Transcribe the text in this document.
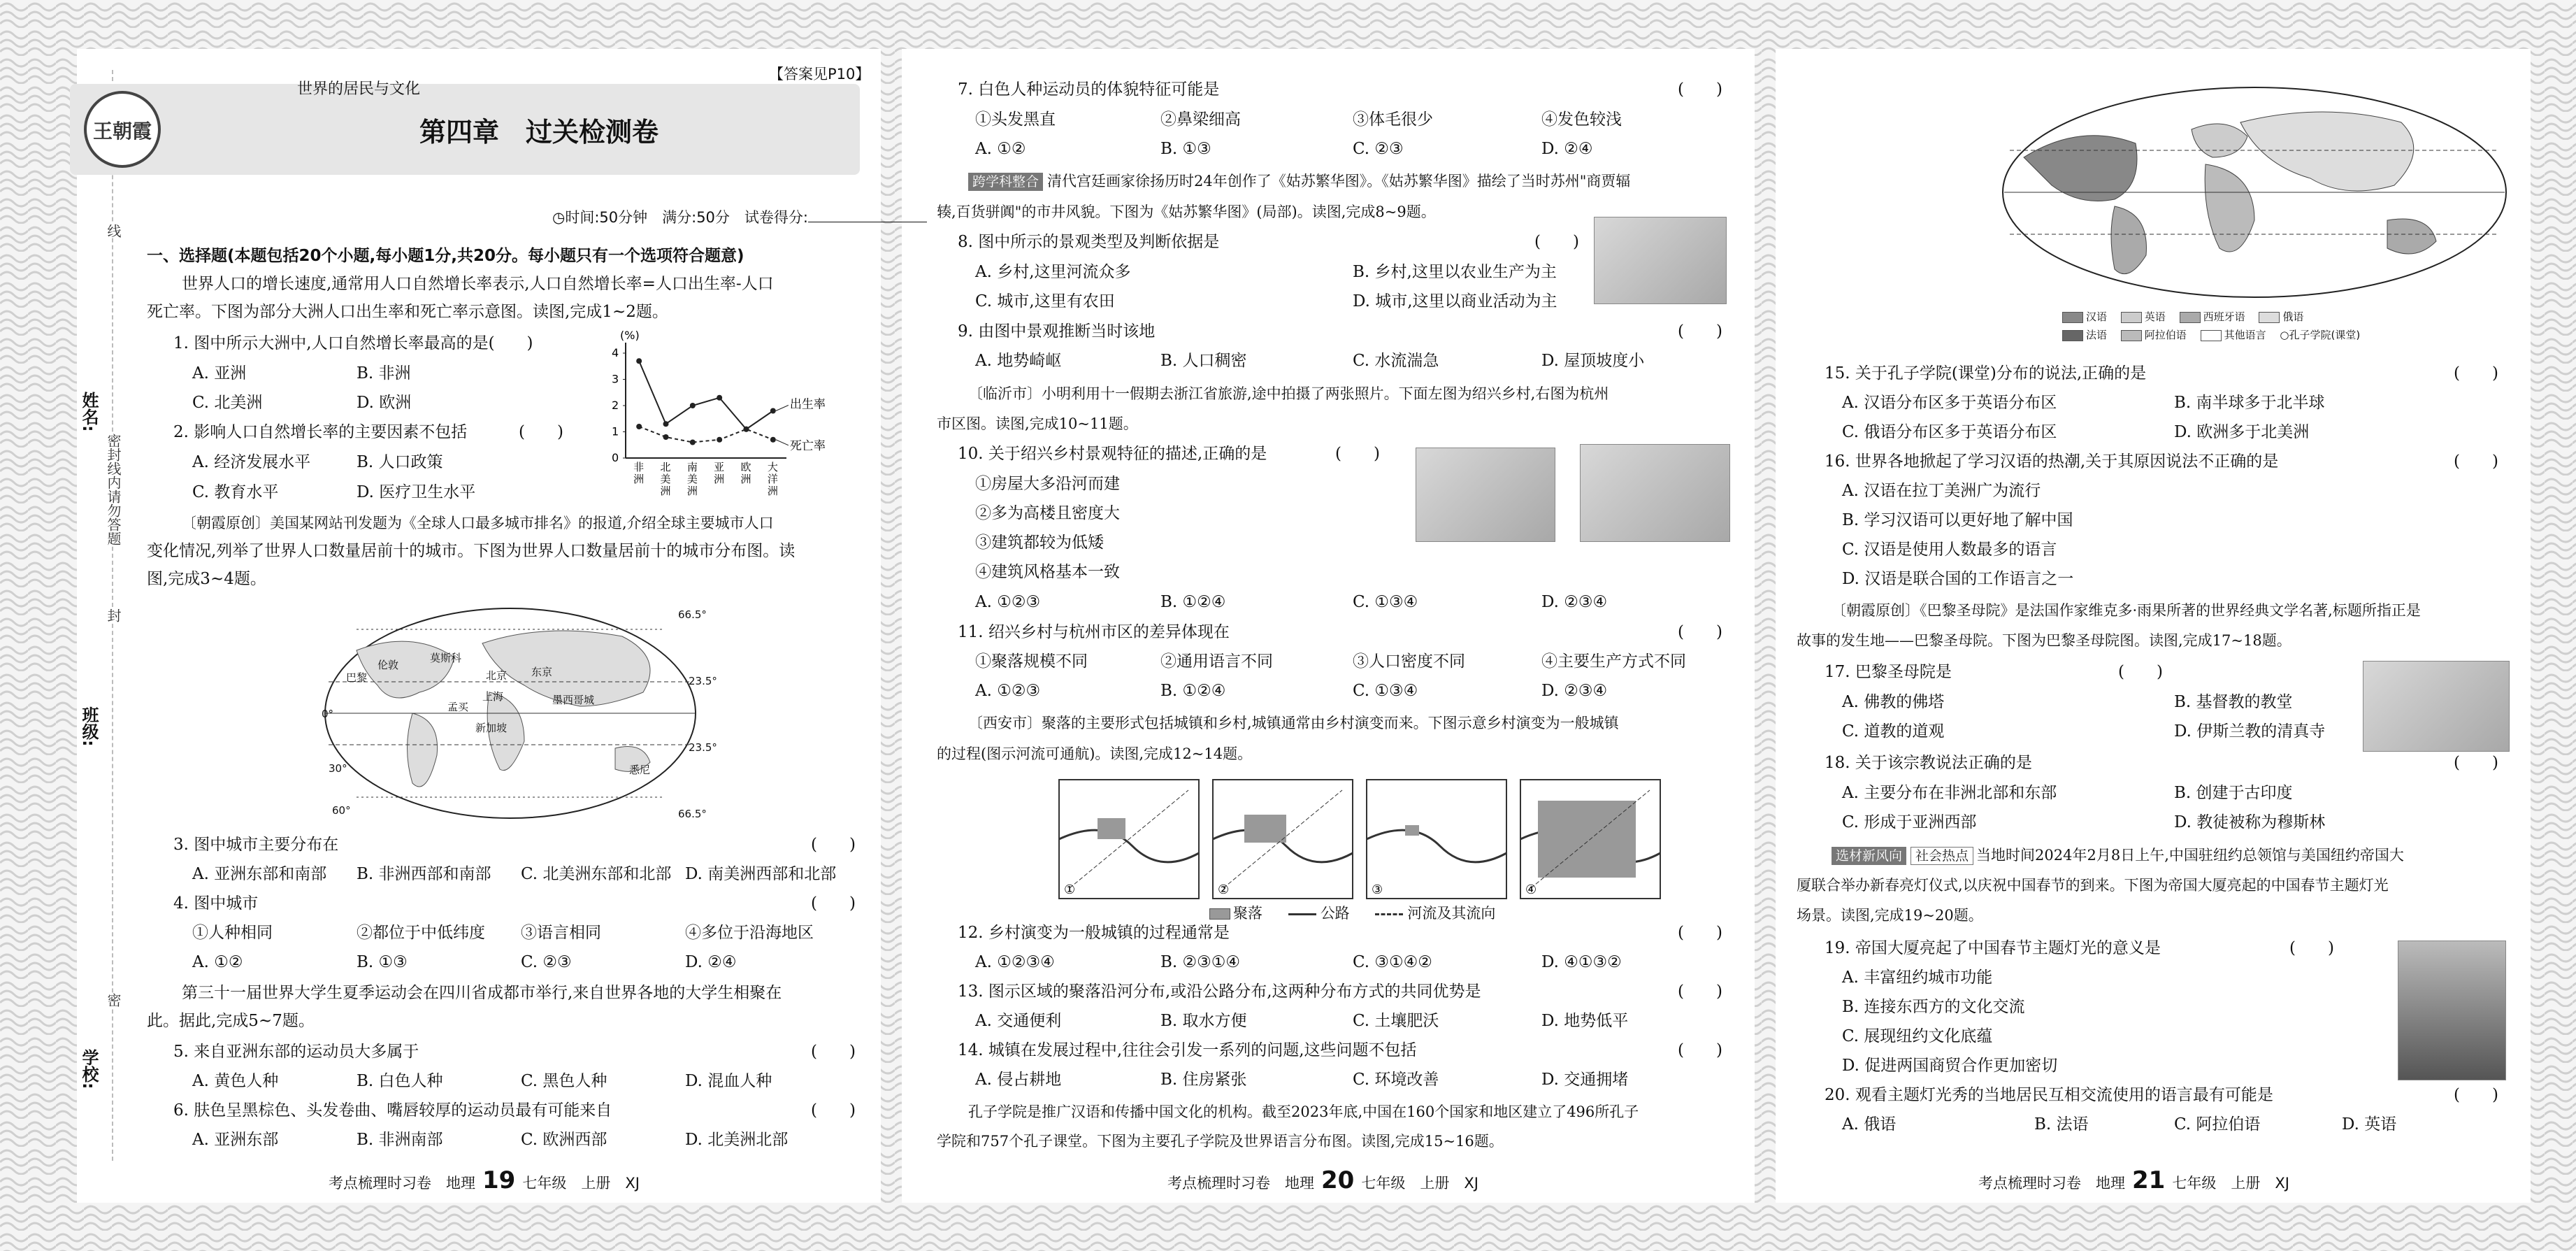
姓名:
班级:
学校:
线
封
密
密封线内请勿答题
【答案见P10】
王朝霞
世界的居民与文化
第四章　过关检测卷
◷时间:50分钟　满分:50分　试卷得分:
一、选择题(本题包括20个小题,每小题1分,共20分。每小题只有一个选项符合题意)
世界人口的增长速度,通常用人口自然增长率表示,人口自然增长率=人口出生率-人口
死亡率。下图为部分大洲人口出生率和死亡率示意图。读图,完成1~2题。
1. 图中所示大洲中,人口自然增长率最高的是(　　)
A. 亚洲	B. 非洲
C. 北美洲	D. 欧洲
2. 影响人口自然增长率的主要因素不包括	(　　)
A. 经济发展水平	B. 人口政策
C. 教育水平	D. 医疗卫生水平
(%)
0
1
2
3
4
非洲
北美洲
南美洲
亚洲
欧洲
大洋洲
出生率
死亡率
〔朝霞原创〕美国某网站刊发题为《全球人口最多城市排名》的报道,介绍全球主要城市人口
变化情况,列举了世界人口数量居前十的城市。下图为世界人口数量居前十的城市分布图。读
图,完成3~4题。
巴黎
伦敦
莫斯科
北京 东京
上海
孟买
新加坡
悉尼
墨西哥城
66.5°
23.5°
0°
23.5°
66.5°
60°
30°
3. 图中城市主要分布在	(　　)
A. 亚洲东部和南部 B. 非洲西部和南部 C. 北美洲东部和北部 D. 南美洲西部和北部
4. 图中城市	(　　)
①人种相同	②都位于中低纬度 ③语言相同	④多位于沿海地区
A. ①②	B. ①③	C. ②③	D. ②④
第三十一届世界大学生夏季运动会在四川省成都市举行,来自世界各地的大学生相聚在
此。据此,完成5~7题。
5. 来自亚洲东部的运动员大多属于	(　　)
A. 黄色人种	B. 白色人种	C. 黑色人种	D. 混血人种
6. 肤色呈黑棕色、头发卷曲、嘴唇较厚的运动员最有可能来自	(　　)
A. 亚洲东部	B. 非洲南部	C. 欧洲西部	D. 北美洲北部
考点梳理时习卷　地理 19 七年级　上册　XJ
7. 白色人种运动员的体貌特征可能是	(　　)
①头发黑直	②鼻梁细高	③体毛很少	④发色较浅
A. ①②	B. ①③	C. ②③	D. ②④
跨学科整合 清代宫廷画家徐扬历时24年创作了《姑苏繁华图》。《姑苏繁华图》描绘了当时苏州"商贾辐
辏,百货骈阗"的市井风貌。下图为《姑苏繁华图》(局部)。读图,完成8~9题。
8. 图中所示的景观类型及判断依据是	(　　)
A. 乡村,这里河流众多	B. 乡村,这里以农业生产为主
C. 城市,这里有农田	D. 城市,这里以商业活动为主
9. 由图中景观推断当时该地	(　　)
A. 地势崎岖	B. 人口稠密	C. 水流湍急	D. 屋顶坡度小
〔临沂市〕小明利用十一假期去浙江省旅游,途中拍摄了两张照片。下面左图为绍兴乡村,右图为杭州
市区图。读图,完成10~11题。
10. 关于绍兴乡村景观特征的描述,正确的是	(　　)
①房屋大多沿河而建
②多为高楼且密度大
③建筑都较为低矮
④建筑风格基本一致
A. ①②③	B. ①②④	C. ①③④	D. ②③④
11. 绍兴乡村与杭州市区的差异体现在	(　　)
①聚落规模不同	②通用语言不同	③人口密度不同	④主要生产方式不同
A. ①②③	B. ①②④	C. ①③④	D. ②③④
〔西安市〕聚落的主要形式包括城镇和乡村,城镇通常由乡村演变而来。下图示意乡村演变为一般城镇
的过程(图示河流可通航)。读图,完成12~14题。
①	②	③	④
聚落	公路	河流及其流向
12. 乡村演变为一般城镇的过程通常是	(　　)
A. ①②③④	B. ②③①④	C. ③①④②	D. ④①③②
13. 图示区域的聚落沿河分布,或沿公路分布,这两种分布方式的共同优势是	(　　)
A. 交通便利	B. 取水方便	C. 土壤肥沃	D. 地势低平
14. 城镇在发展过程中,往往会引发一系列的问题,这些问题不包括	(　　)
A. 侵占耕地	B. 住房紧张	C. 环境改善	D. 交通拥堵
孔子学院是推广汉语和传播中国文化的机构。截至2023年底,中国在160个国家和地区建立了496所孔子
学院和757个孔子课堂。下图为主要孔子学院及世界语言分布图。读图,完成15~16题。
考点梳理时习卷　地理 20 七年级　上册　XJ
汉语　	英语　	西班牙语　	俄语
法语　	阿拉伯语　	其他语言　 ○孔子学院(课堂)
15. 关于孔子学院(课堂)分布的说法,正确的是	(　　)
A. 汉语分布区多于英语分布区	B. 南半球多于北半球
C. 俄语分布区多于英语分布区	D. 欧洲多于北美洲
16. 世界各地掀起了学习汉语的热潮,关于其原因说法不正确的是	(　　)
A. 汉语在拉丁美洲广为流行
B. 学习汉语可以更好地了解中国
C. 汉语是使用人数最多的语言
D. 汉语是联合国的工作语言之一
〔朝霞原创〕《巴黎圣母院》是法国作家维克多·雨果所著的世界经典文学名著,标题所指正是
故事的发生地——巴黎圣母院。下图为巴黎圣母院图。读图,完成17~18题。
17. 巴黎圣母院是	(　　)
A. 佛教的佛塔	B. 基督教的教堂
C. 道教的道观	D. 伊斯兰教的清真寺
18. 关于该宗教说法正确的是	(　　)
A. 主要分布在非洲北部和东部	B. 创建于古印度
C. 形成于亚洲西部	D. 教徒被称为穆斯林
选材新风向 社会热点 当地时间2024年2月8日上午,中国驻纽约总领馆与美国纽约帝国大
厦联合举办新春亮灯仪式,以庆祝中国春节的到来。下图为帝国大厦亮起的中国春节主题灯光
场景。读图,完成19~20题。
19. 帝国大厦亮起了中国春节主题灯光的意义是	(　　)
A. 丰富纽约城市功能
B. 连接东西方的文化交流
C. 展现纽约文化底蕴
D. 促进两国商贸合作更加密切
20. 观看主题灯光秀的当地居民互相交流使用的语言最有可能是	(　　)
A. 俄语	B. 法语	C. 阿拉伯语	D. 英语
考点梳理时习卷　地理 21 七年级　上册　XJ
